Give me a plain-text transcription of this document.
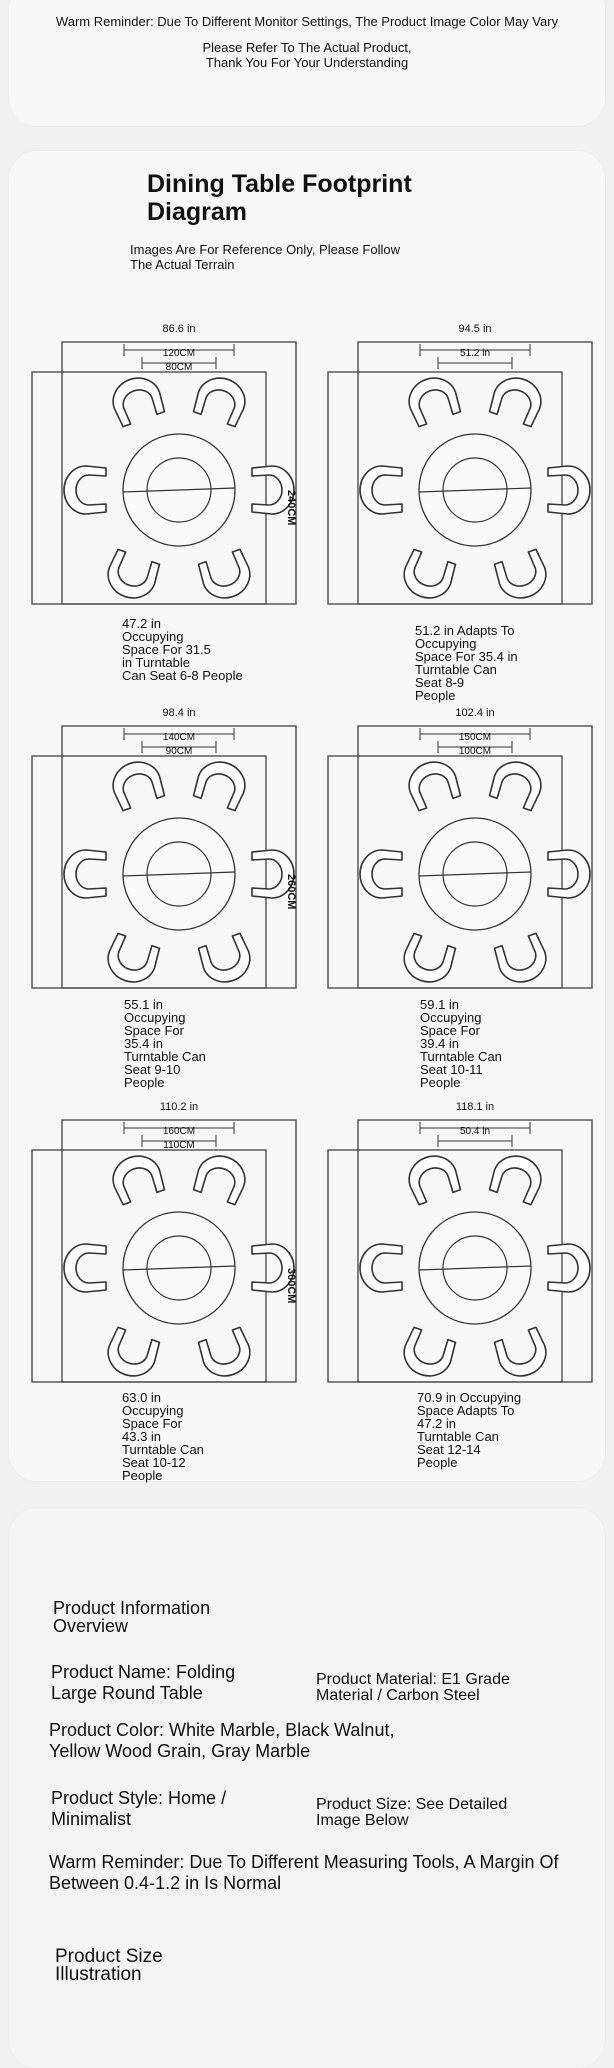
Warm Reminder: Due To Different Monitor Settings, The Product Image Color May Vary
Please Refer To The Actual Product,
Thank You For Your Understanding
Dining Table Footprint
Diagram
Images Are For Reference Only, Please Follow
The Actual Terrain
86.6 in
120CM
80CM
47.2 in
Occupying
Space For 31.5
in Turntable
Can Seat 6-8 People
94.5 in
51.2 in
240CM
51.2 in Adapts To
Occupying
Space For 35.4 in
Turntable Can
Seat 8-9
People
98.4 in
140CM
90CM
55.1 in
Occupying
Space For
35.4 in
Turntable Can
Seat 9-10
People
102.4 in
150CM
100CM
260CM
59.1 in
Occupying
Space For
39.4 in
Turntable Can
Seat 10-11
People
110.2 in
160CM
110CM
63.0 in
Occupying
Space For
43.3 in
Turntable Can
Seat 10-12
People
118.1 in
50.4 in
300CM
70.9 in Occupying
Space Adapts To
47.2 in
Turntable Can
Seat 12-14
People
Product Information
Overview
Product Name: Folding
Large Round Table
Product Material: E1 Grade
Material / Carbon Steel
Product Color: White Marble, Black Walnut,
Yellow Wood Grain, Gray Marble
Product Style: Home /
Minimalist
Product Size: See Detailed
Image Below
Warm Reminder: Due To Different Measuring Tools, A Margin Of
Between 0.4-1.2 in Is Normal
Product Size
Illustration
